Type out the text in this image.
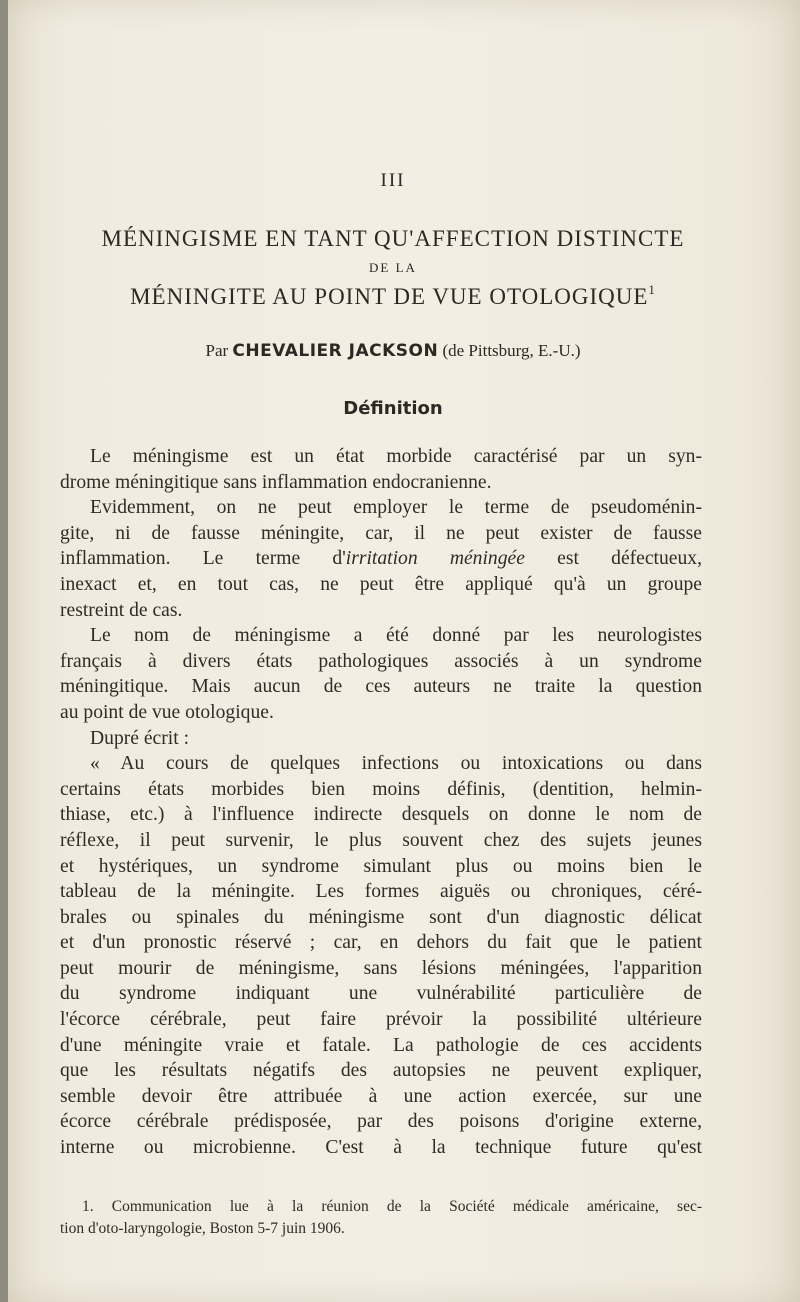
III
MÉNINGISME EN TANT QU'AFFECTION DISTINCTE
DE LA
MÉNINGITE AU POINT DE VUE OTOLOGIQUE$^1$
Par CHEVALIER JACKSON (de Pittsburg, E.-U.)
Définition
Le méningisme est un état morbide caractérisé par un syn-
drome méningitique sans inflammation endocranienne.
Evidemment, on ne peut employer le terme de pseudoménin-
gite, ni de fausse méningite, car, il ne peut exister de fausse
inflammation. Le terme d'irritation méningée est défectueux,
inexact et, en tout cas, ne peut être appliqué qu'à un groupe
restreint de cas.
Le nom de méningisme a été donné par les neurologistes
français à divers états pathologiques associés à un syndrome
méningitique. Mais aucun de ces auteurs ne traite la question
au point de vue otologique.
Dupré écrit :
« Au cours de quelques infections ou intoxications ou dans
certains états morbides bien moins définis, (dentition, helmin-
thiase, etc.) à l'influence indirecte desquels on donne le nom de
réflexe, il peut survenir, le plus souvent chez des sujets jeunes
et hystériques, un syndrome simulant plus ou moins bien le
tableau de la méningite. Les formes aiguës ou chroniques, céré-
brales ou spinales du méningisme sont d'un diagnostic délicat
et d'un pronostic réservé ; car, en dehors du fait que le patient
peut mourir de méningisme, sans lésions méningées, l'apparition
du syndrome indiquant une vulnérabilité particulière de
l'écorce cérébrale, peut faire prévoir la possibilité ultérieure
d'une méningite vraie et fatale. La pathologie de ces accidents
que les résultats négatifs des autopsies ne peuvent expliquer,
semble devoir être attribuée à une action exercée, sur une
écorce cérébrale prédisposée, par des poisons d'origine externe,
interne ou microbienne. C'est à la technique future qu'est
1. Communication lue à la réunion de la Société médicale américaine, sec-
tion d'oto-laryngologie, Boston 5-7 juin 1906.
